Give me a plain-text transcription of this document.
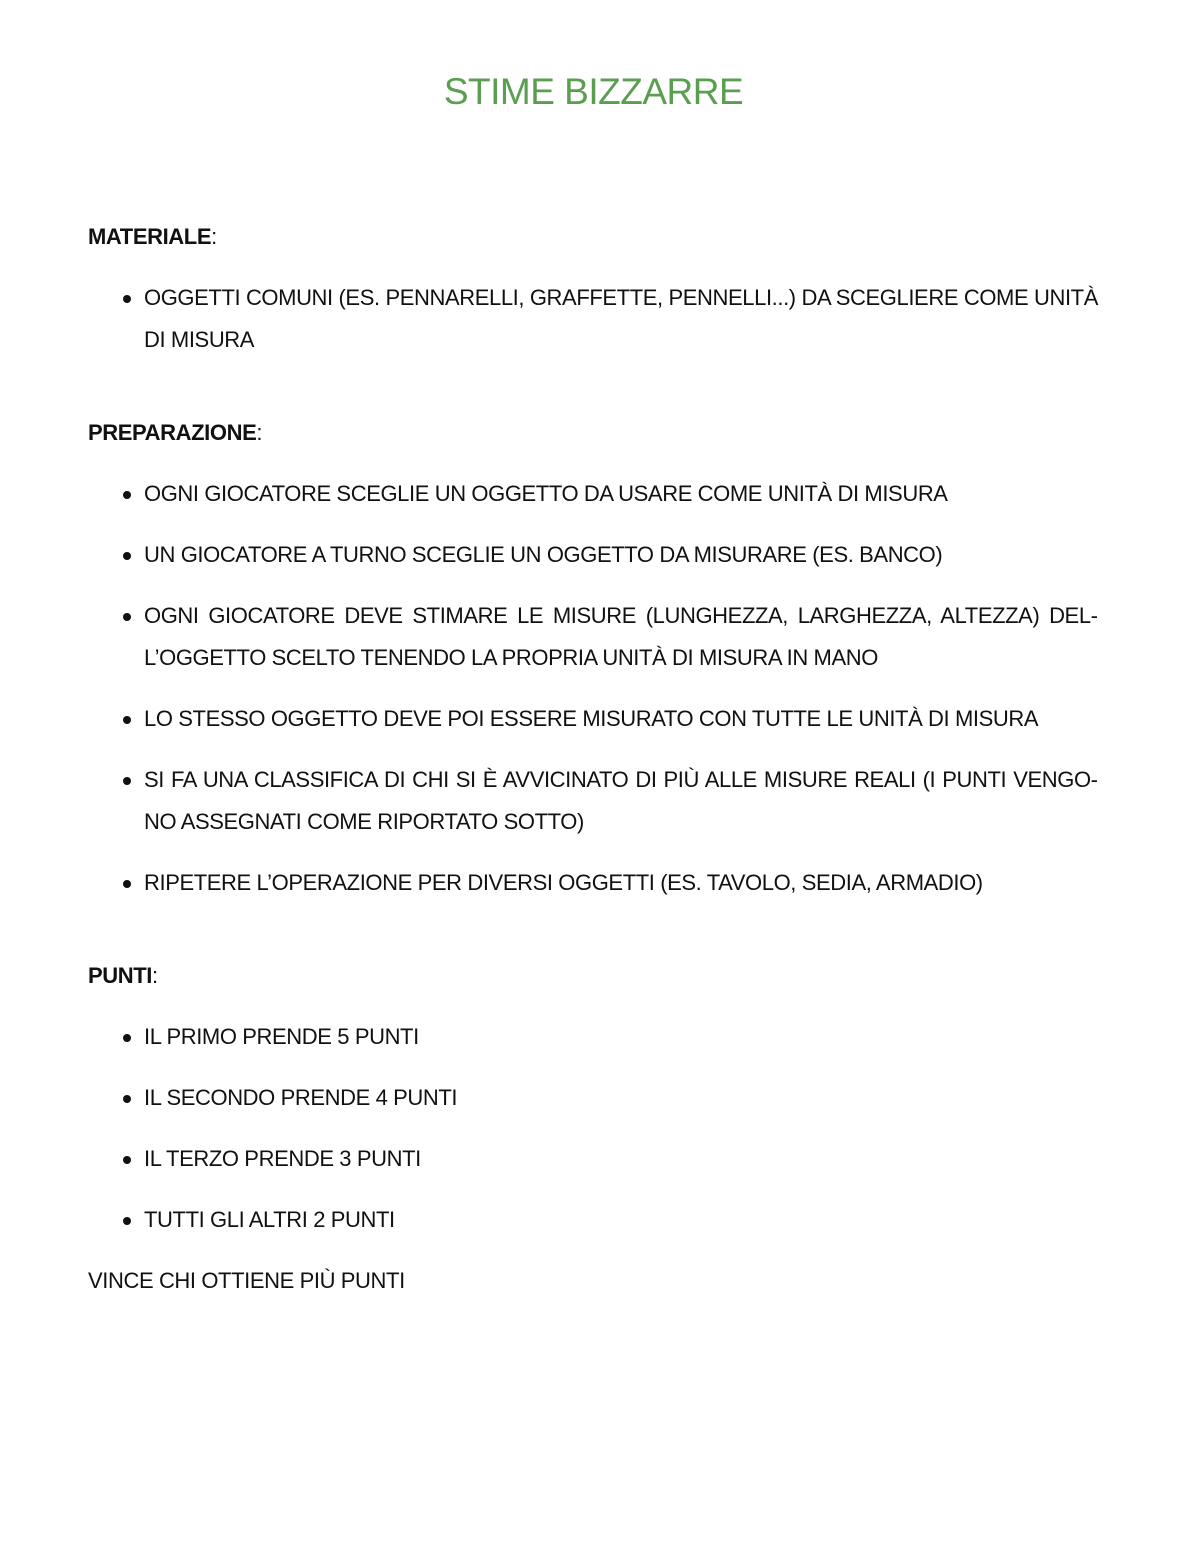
STIME BIZZARRE

MATERIALE:

OGGETTI COMUNI (ES. PENNARELLI, GRAFFETTE, PENNELLI...) DA SCEGLIERE COME UNITÀ DI MISURA

PREPARAZIONE:

OGNI GIOCATORE SCEGLIE UN OGGETTO DA USARE COME UNITÀ DI MISURA
UN GIOCATORE A TURNO SCEGLIE UN OGGETTO DA MISURARE (ES. BANCO)
OGNI GIOCATORE DEVE STIMARE LE MISURE (LUNGHEZZA, LARGHEZZA, ALTEZZA) DELL’OGGETTO SCELTO TENENDO LA PROPRIA UNITÀ DI MISURA IN MANO
LO STESSO OGGETTO DEVE POI ESSERE MISURATO CON TUTTE LE UNITÀ DI MISURA
SI FA UNA CLASSIFICA DI CHI SI È AVVICINATO DI PIÙ ALLE MISURE REALI (I PUNTI VENGONO ASSEGNATI COME RIPORTATO SOTTO)
RIPETERE L’OPERAZIONE PER DIVERSI OGGETTI (ES. TAVOLO, SEDIA, ARMADIO)

PUNTI:

IL PRIMO PRENDE 5 PUNTI
IL SECONDO PRENDE 4 PUNTI
IL TERZO PRENDE 3 PUNTI
TUTTI GLI ALTRI 2 PUNTI

VINCE CHI OTTIENE PIÙ PUNTI
